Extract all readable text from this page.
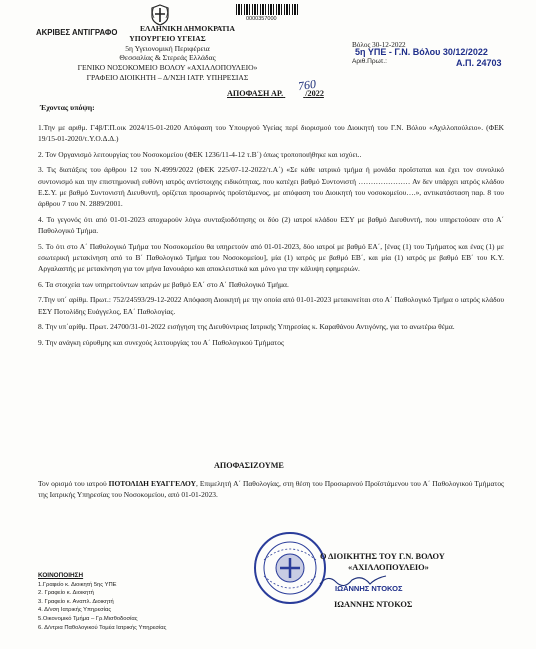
0000357000
ΑΚΡΙΒΕΣ ΑΝΤΙΓΡΑΦΟ	ΕΛΛΗΝΙΚΗ ΔΗΜΟΚΡΑΤΙΑ
ΥΠΟΥΡΓΕΙΟ ΥΓΕΙΑΣ
5η Υγειονομική Περιφέρεια
Θεσσαλίας & Στερεάς Ελλάδας
ΓΕΝΙΚΟ ΝΟΣΟΚΟΜΕΙΟ ΒΟΛΟΥ «ΑΧΙΛΛΟΠΟΥΛΕΙΟ»
ΓΡΑΦΕΙΟ ΔΙΟΙΚΗΤΗ – Δ/ΝΣΗ ΙΑΤΡ. ΥΠΗΡΕΣΙΑΣ
Βόλος 30-12-2022
Αριθ.Πρωτ.:
5η ΥΠΕ - Γ.Ν. Βόλου 30/12/2022
Α.Π. 24703
ΑΠΟΦΑΣΗ ΑΡ.	/2022
760
Έχοντας υπόψη:

1.Την με αριθμ. Γ4β/Γ.Π.οικ 2024/15-01-2020 Απόφαση του Υπουργού Υγείας περί διορισμού του Διοικητή του Γ.Ν. Βόλου «Αχιλλοπούλειο». (ΦΕΚ 19/15-01-2020/τ.Υ.Ο.Δ.Δ.)

2. Τον Οργανισμό λειτουργίας του Νοσοκομείου (ΦΕΚ 1236/11-4-12 τ.Β΄) όπως τροποποιήθηκε και ισχύει..

3. Τις διατάξεις του άρθρου 12 του Ν.4999/2022 (ΦΕΚ 225/07-12-2022/τ.Α΄) «Σε κάθε ιατρικό τμήμα ή μονάδα προΐσταται και έχει τον συνολικό συντονισμό και την επιστημονική ευθύνη ιατρός αντίστοιχης ειδικότητας, που κατέχει βαθμό Συντονιστή ………………… Αν δεν υπάρχει ιατρός κλάδου Ε.Σ.Υ. με βαθμό Συντονιστή Διευθυντή, ορίζεται προσωρινός προϊστάμενος, με απόφαση του Διοικητή του νοσοκομείου….», αντικατάσταση παρ. 8 του άρθρου 7 του Ν. 2889/2001.

4. Το γεγονός ότι από 01-01-2023 αποχωρούν λόγω συνταξιοδότησης οι δύο (2) ιατροί κλάδου ΕΣΥ με βαθμό Διευθυντή, που υπηρετούσαν στο Α΄ Παθολογικό Τμήμα.

5. Το ότι στο Α΄ Παθολογικό Τμήμα του Νοσοκομείου θα υπηρετούν από 01-01-2023, δύο ιατροί με βαθμό ΕΑ΄, [ένας (1) του Τμήματος και ένας (1) με εσωτερική μετακίνηση από το Β΄ Παθολογικό Τμήμα του Νοσοκομείου], μία (1) ιατρός με βαθμό ΕΒ΄, και μία (1) ιατρός με βαθμό ΕΒ΄ του Κ.Υ. Αργαλαστής με μετακίνηση για τον μήνα Ιανουάριο και αποκλειστικά και μόνο για την κάλυψη εφημεριών.

6. Τα στοιχεία των υπηρετούντων ιατρών με βαθμό ΕΑ΄ στο Α΄ Παθολογικό Τμήμα.

7.Την υπ΄ αρίθμ. Πρωτ.: 752/24593/29-12-2022 Απόφαση Διοικητή με την οποία από 01-01-2023 μετακινείται στο Α΄ Παθολογικό Τμήμα ο ιατρός κλάδου ΕΣΥ Ποτολίδης Ευάγγελος, ΕΑ΄ Παθολογίας.

8. Την υπ΄αρίθμ. Πρωτ. 24700/31-01-2022 εισήγηση της Διευθύντριας Ιατρικής Υπηρεσίας κ. Καραθάνου Αντιγόνης, για το ανωτέρω θέμα.

9. Την ανάγκη εύρυθμης και συνεχούς λειτουργίας του Α΄ Παθολογικού Τμήματος

ΑΠΟΦΑΣΙΖΟΥΜΕ
Τον ορισμό του ιατρού ΠΟΤΟΛΙΔΗ ΕΥΑΓΓΕΛΟΥ, Επιμελητή Α΄ Παθολογίας, στη θέση του Προσωρινού Προϊστάμενου του Α΄ Παθολογικού Τμήματος της Ιατρικής Υπηρεσίας του Νοσοκομείου, από 01-01-2023.
Ο ΔΙΟΙΚΗΤΗΣ ΤΟΥ Γ.Ν. ΒΟΛΟΥ
«ΑΧΙΛΛΟΠΟΥΛΕΙΟ»
ΙΩΑΝΝΗΣ ΝΤΟΚΟΣ
ΙΩΑΝΝΗΣ ΝΤΟΚΟΣ
ΚΟΙΝΟΠΟΙΗΣΗ
1.Γραφείο κ. Διοικητή 5ης ΥΠΕ
2. Γραφείο κ. Διοικητή
3. Γραφείο κ. Αναπλ. Διοικητή
4. Δ/νση Ιατρικής Υπηρεσίας
5.Οικονομικό Τμήμα – Γρ.Μισθοδοσίας
6. Δ/ντρια Παθολογικού Τομέα Ιατρικής Υπηρεσίας
